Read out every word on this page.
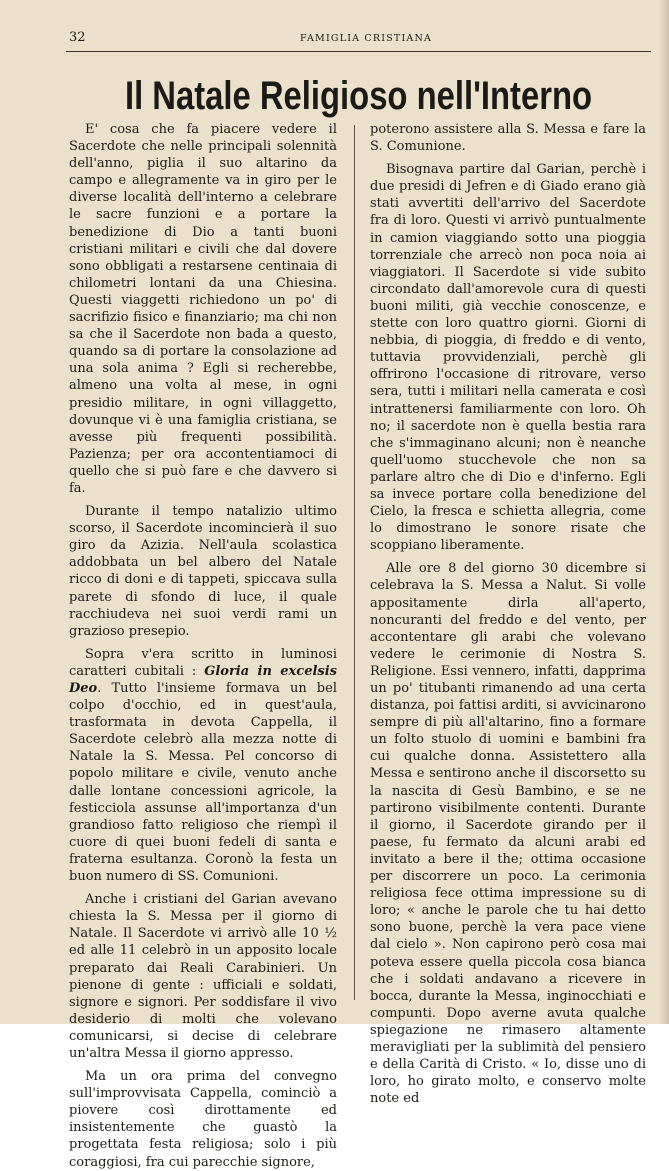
32	FAMIGLIA CRISTIANA
Il Natale Religioso nell'Interno

E' cosa che fa piacere vedere il Sacerdote che nelle principali solennità dell'anno, piglia il suo altarino da campo e allegramente va in giro per le diverse località dell'interno a celebrare le sacre funzioni e a portare la benedizione di Dio a tanti buoni cristiani militari e civili che dal dovere sono obbligati a restarsene centinaia di chilometri lontani da una Chiesina. Questi viaggetti richiedono un po' di sacrifizio fisico e finanziario; ma chi non sa che il Sacerdote non bada a questo, quando sa di portare la consolazione ad una sola anima ? Egli si recherebbe, almeno una volta al mese, in ogni presidio militare, in ogni villaggetto, dovunque vi è una famiglia cristiana, se avesse più frequenti possibilità. Pazienza; per ora accontentiamoci di quello che si può fare e che davvero si fa.

Durante il tempo natalizio ultimo scorso, il Sacerdote incomincierà il suo giro da Azizia. Nell'aula scolastica addobbata un bel albero del Natale ricco di doni e di tappeti, spiccava sulla parete di sfondo di luce, il quale racchiudeva nei suoi verdi rami un grazioso presepio.

Sopra v'era scritto in luminosi caratteri cubitali : Gloria in excelsis Deo. Tutto l'insieme formava un bel colpo d'occhio, ed in quest'aula, trasformata in devota Cappella, il Sacerdote celebrò alla mezza notte di Natale la S. Messa. Pel concorso di popolo militare e civile, venuto anche dalle lontane concessioni agricole, la festicciola assunse all'importanza d'un grandioso fatto religioso che riempì il cuore di quei buoni fedeli di santa e fraterna esultanza. Coronò la festa un buon numero di SS. Comunioni.

Anche i cristiani del Garian avevano chiesta la S. Messa per il giorno di Natale. Il Sacerdote vi arrivò alle 10 ½ ed alle 11 celebrò in un apposito locale preparato dai Reali Carabinieri. Un pienone di gente : ufficiali e soldati, signore e signori. Per soddisfare il vivo desiderio di molti che volevano comunicarsi, si decise di celebrare un'altra Messa il giorno appresso.

Ma un ora prima del convegno sull'improvvisata Cappella, cominciò a piovere così dirottamente ed insistentemente che guastò la progettata festa religiosa; solo i più coraggiosi, fra cui parecchie signore,

poterono assistere alla S. Messa e fare la S. Comunione.

Bisognava partire dal Garian, perchè i due presidi di Jefren e di Giado erano già stati avvertiti dell'arrivo del Sacerdote fra di loro. Questi vi arrivò puntualmente in camion viaggiando sotto una pioggia torrenziale che arrecò non poca noia ai viaggiatori. Il Sacerdote si vide subito circondato dall'amorevole cura di questi buoni militi, già vecchie conoscenze, e stette con loro quattro giorni. Giorni di nebbia, di pioggia, di freddo e di vento, tuttavia provvidenziali, perchè gli offrirono l'occasione di ritrovare, verso sera, tutti i militari nella camerata e così intrattenersi familiarmente con loro. Oh no; il sacerdote non è quella bestia rara che s'immaginano alcuni; non è neanche quell'uomo stucchevole che non sa parlare altro che di Dio e d'inferno. Egli sa invece portare colla benedizione del Cielo, la fresca e schietta allegria, come lo dimostrano le sonore risate che scoppiano liberamente.

Alle ore 8 del giorno 30 dicembre si celebrava la S. Messa a Nalut. Si volle appositamente dirla all'aperto, noncuranti del freddo e del vento, per accontentare gli arabi che volevano vedere le cerimonie di Nostra S. Religione. Essi vennero, infatti, dapprima un po' titubanti rimanendo ad una certa distanza, poi fattisi arditi, si avvicinarono sempre di più all'altarino, fino a formare un folto stuolo di uomini e bambini fra cui qualche donna. Assistettero alla Messa e sentirono anche il discorsetto su la nascita di Gesù Bambino, e se ne partirono visibilmente contenti. Durante il giorno, il Sacerdote girando per il paese, fu fermato da alcuni arabi ed invitato a bere il the; ottima occasione per discorrere un poco. La cerimonia religiosa fece ottima impressione su di loro; « anche le parole che tu hai detto sono buone, perchè la vera pace viene dal cielo ». Non capirono però cosa mai poteva essere quella piccola cosa bianca che i soldati andavano a ricevere in bocca, durante la Messa, inginocchiati e compunti. Dopo averne avuta qualche spiegazione ne rimasero altamente meravigliati per la sublimità del pensiero e della Carità di Cristo. « Io, disse uno di loro, ho girato molto, e conservo molte note ed
